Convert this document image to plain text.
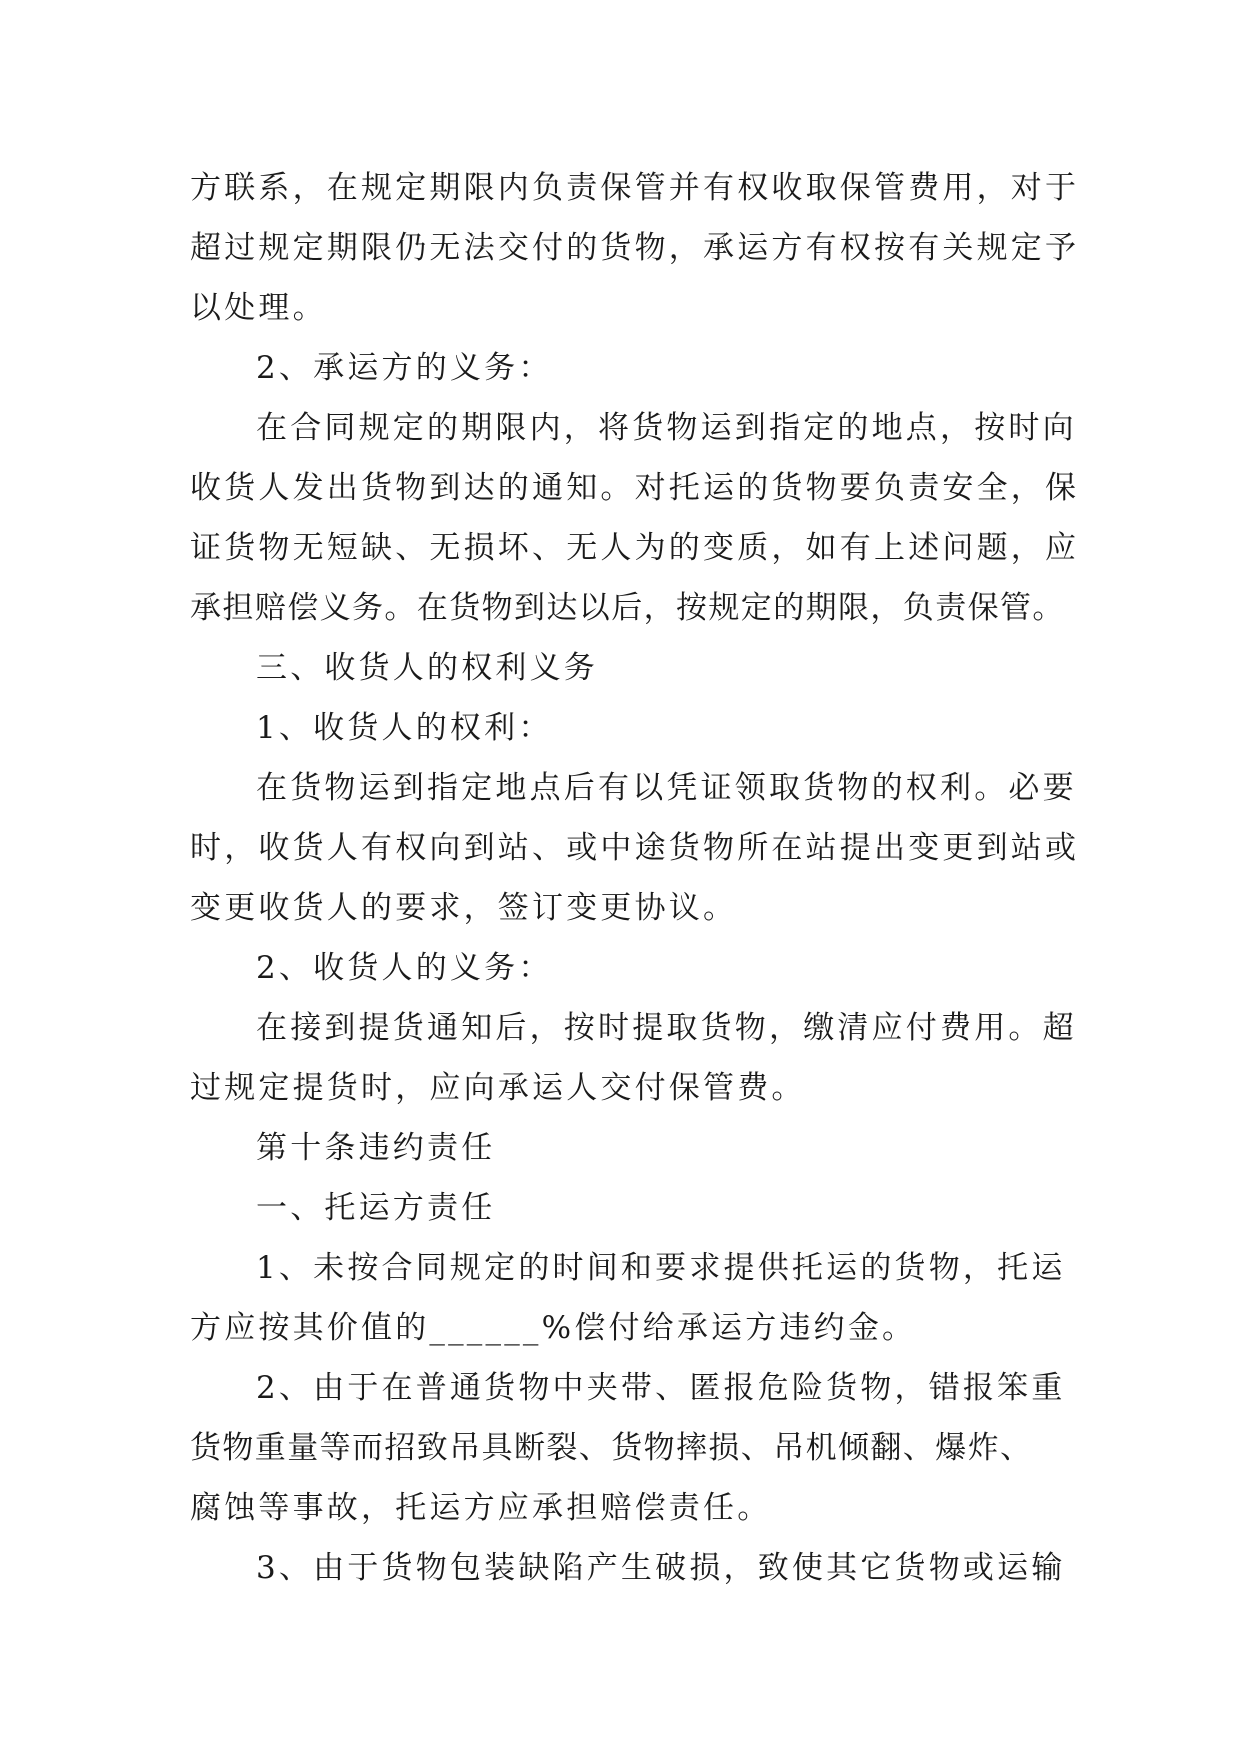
方联系，在规定期限内负责保管并有权收取保管费用，对于
超过规定期限仍无法交付的货物，承运方有权按有关规定予
以处理。
2、承运方的义务：
在合同规定的期限内，将货物运到指定的地点，按时向
收货人发出货物到达的通知。对托运的货物要负责安全，保
证货物无短缺、无损坏、无人为的变质，如有上述问题，应
承担赔偿义务。在货物到达以后，按规定的期限，负责保管。
三、收货人的权利义务
1、收货人的权利：
在货物运到指定地点后有以凭证领取货物的权利。必要
时，收货人有权向到站、或中途货物所在站提出变更到站或
变更收货人的要求，签订变更协议。
2、收货人的义务：
在接到提货通知后，按时提取货物，缴清应付费用。超
过规定提货时，应向承运人交付保管费。
第十条违约责任
一、托运方责任
1、未按合同规定的时间和要求提供托运的货物，托运
方应按其价值的______%偿付给承运方违约金。
2、由于在普通货物中夹带、匿报危险货物，错报笨重
货物重量等而招致吊具断裂、货物摔损、吊机倾翻、爆炸、
腐蚀等事故，托运方应承担赔偿责任。
3、由于货物包装缺陷产生破损，致使其它货物或运输
